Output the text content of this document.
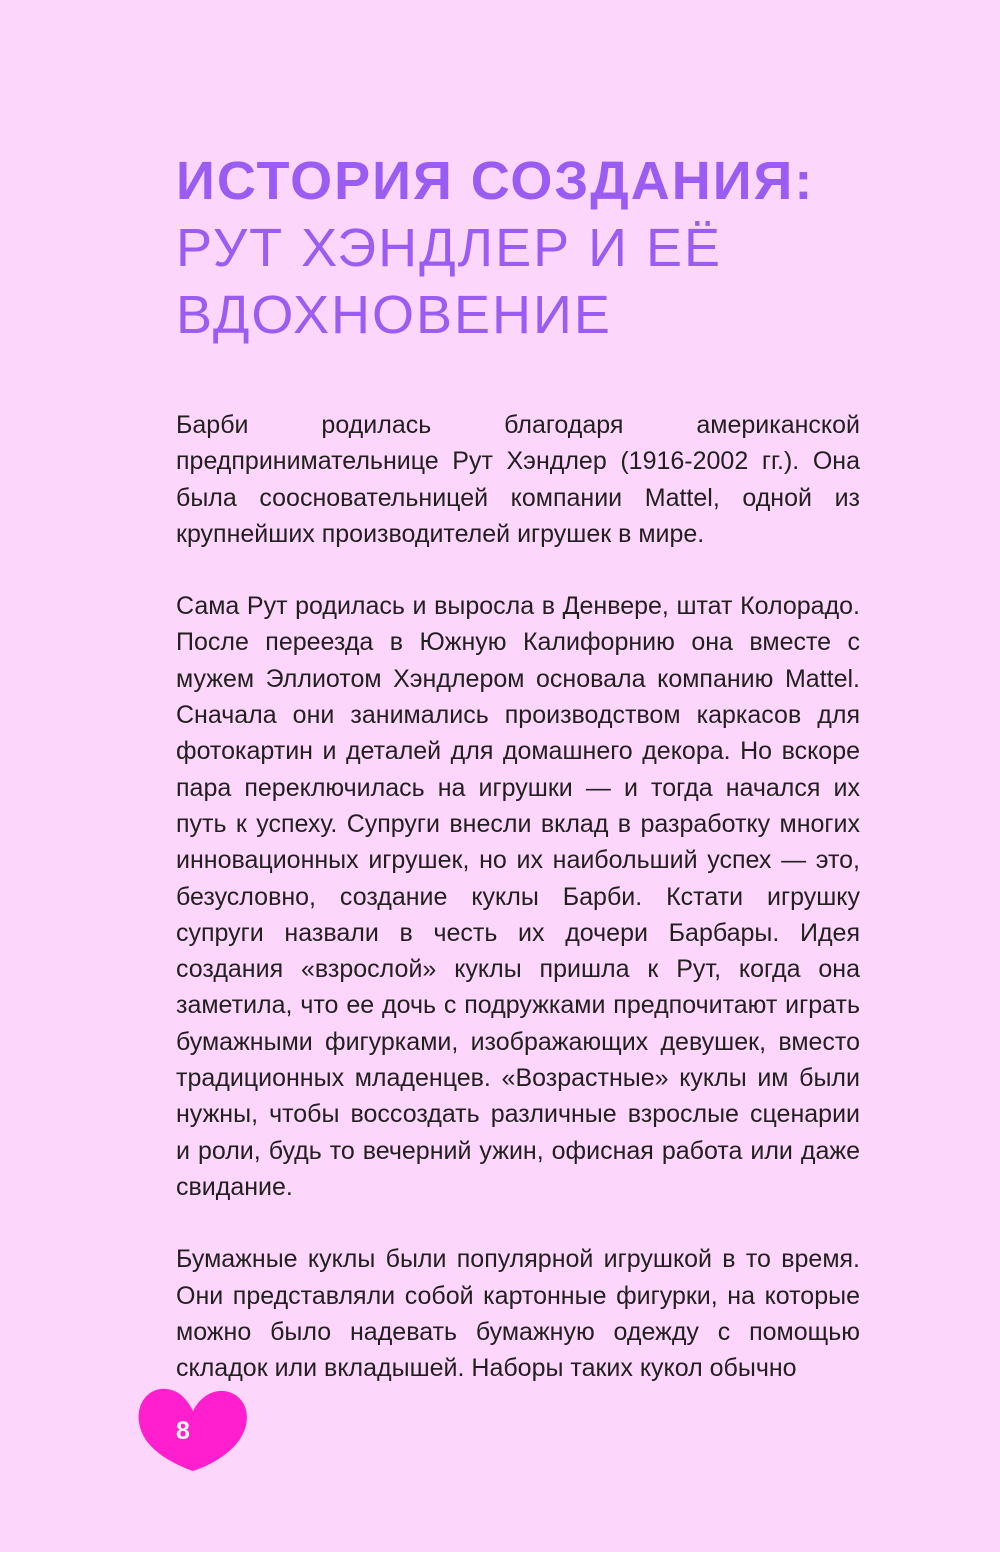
ИСТОРИЯ СОЗДАНИЯ:
РУТ ХЭНДЛЕР И ЕЁ
ВДОХНОВЕНИЕ

Барби родилась благодаря американской предпринимательнице Рут Хэндлер (1916-2002 гг.). Она была соосновательницей компании Mattel, одной из крупнейших производителей игрушек в мире.

Сама Рут родилась и выросла в Денвере, штат Колорадо. После переезда в Южную Калифорнию она вместе с мужем Эллиотом Хэндлером основала компанию Mattel. Сначала они занимались производством каркасов для фотокартин и деталей для домашнего декора. Но вскоре пара переключилась на игрушки — и тогда начался их путь к успеху. Супруги внесли вклад в разработку многих инновационных игрушек, но их наибольший успех — это, безусловно, создание куклы Барби. Кстати игрушку супруги назвали в честь их дочери Барбары. Идея создания «взрослой» куклы пришла к Рут, когда она заметила, что ее дочь с подружками предпочитают играть бумажными фигурками, изображающих девушек, вместо традиционных младенцев. «Возрастные» куклы им были нужны, чтобы воссоздать различные взрослые сценарии и роли, будь то вечерний ужин, офисная работа или даже свидание.

Бумажные куклы были популярной игрушкой в то время. Они представляли собой картонные фигурки, на которые можно было надевать бумажную одежду с помощью складок или вкладышей. Наборы таких кукол обычно

8
